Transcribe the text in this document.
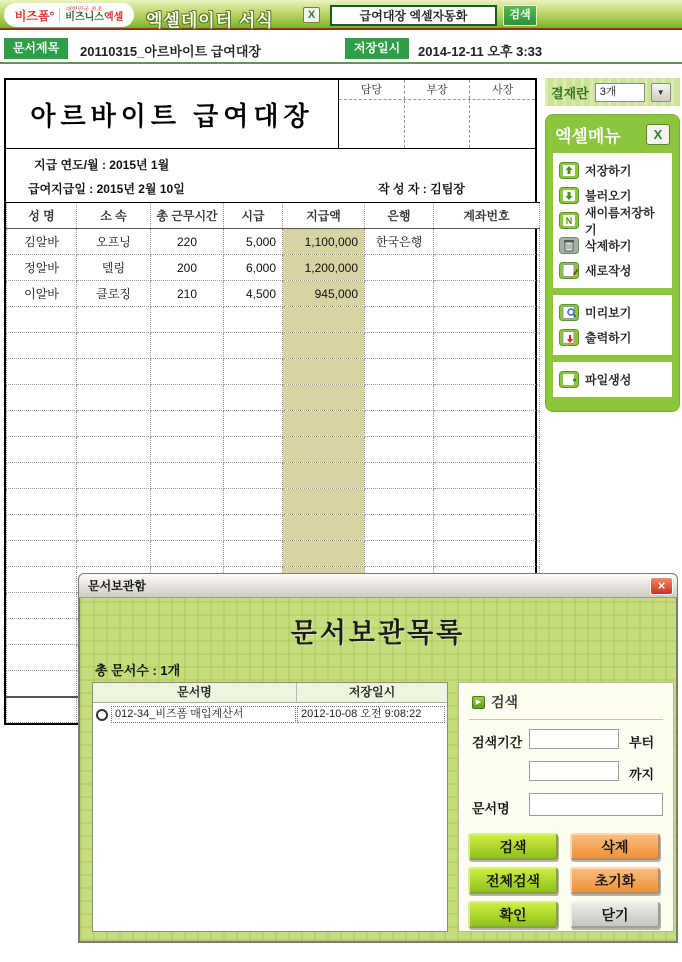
비즈폼° 대한민국 최초
비즈니스엑셀 엑셀데이터 서식	X
급여대장 엑셀자동화	검색
문서제목	20110315_아르바이트 급여대장	저장일시	2014-12-11 오후 3:33
아르바이트 급여대장
담당	부장	사장
지급 연도/월 : 2015년 1월
급여지급일 : 2015년 2월 10일	작 성 자 : 김팀장
성 명	소 속	총 근무시간	시급	지급액	은행	계좌번호
김알바	오프닝	220	5,000	1,100,000	한국은행	
정알바	델링	200	6,000	1,200,000		
이알바	클로징	210	4,500	945,000		

결재란	3개	▼
엑셀메뉴	X
저장하기
불러오기
N
새이름저장하기
삭제하기
새로작성
미리보기
출력하기
파일생성
문서보관함	×
문서보관목록
총 문서수 : 1개
문서명	저장일시
012-34_비즈폼 매입계산서	2012-10-08 오전 9:08:22
▶ 검색
검색기간	부터
까지
문서명
검색	삭제
전체검색	초기화
확인	닫기
